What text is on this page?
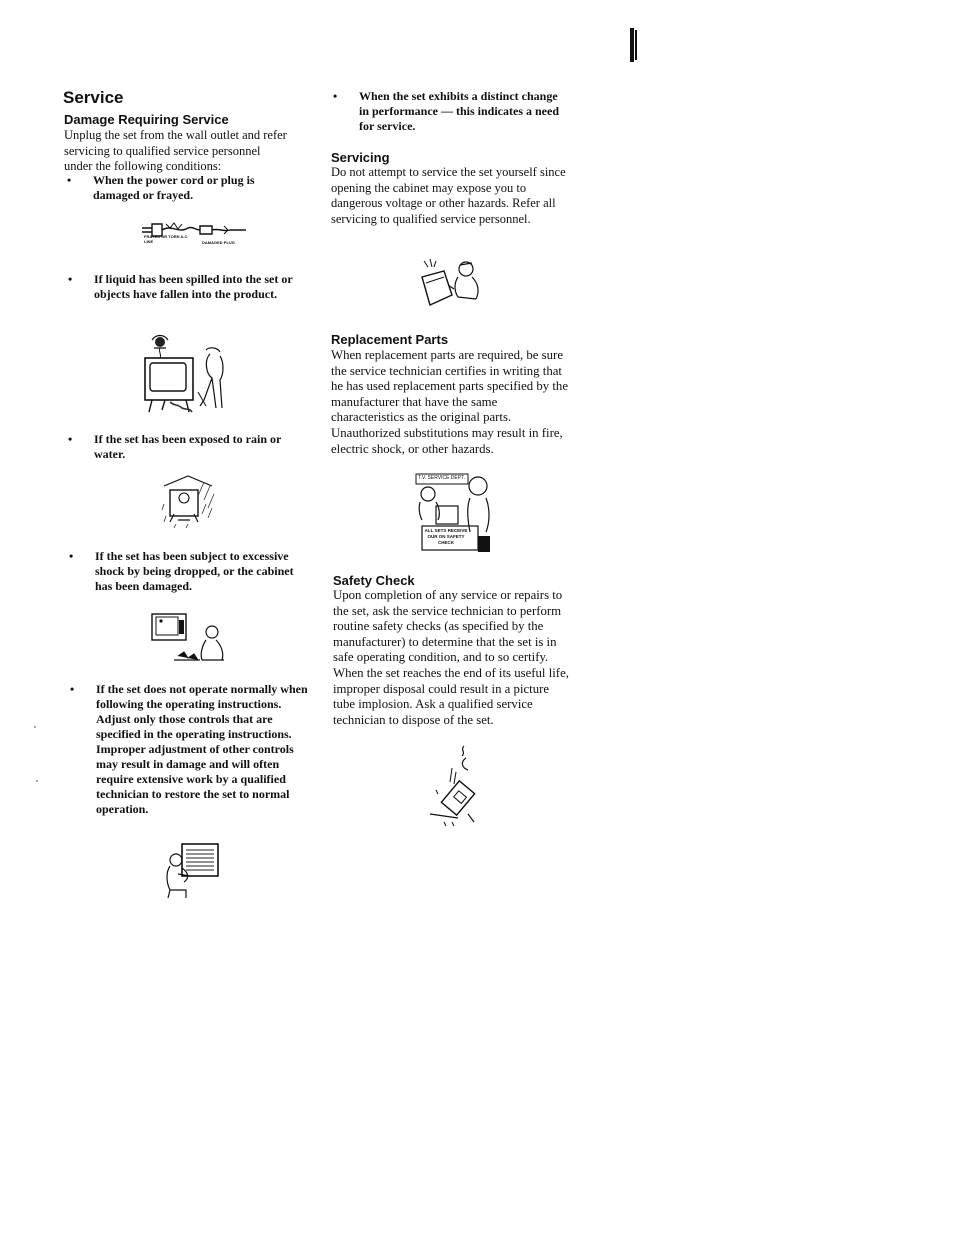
Service
Damage Requiring Service

Unplug the set from the wall outlet and refer servicing to qualified service personnel under the following conditions:

• When the power cord or plug is damaged or frayed.

FRAYED OR TORN A.C. LINE	DAMAGED PLUG

• If liquid has been spilled into the set or objects have fallen into the product.

• If the set has been exposed to rain or water.

• If the set has been subject to excessive shock by being dropped, or the cabinet has been damaged.

• If the set does not operate normally when following the operating instructions. Adjust only those controls that are specified in the operating instructions. Improper adjustment of other controls may result in damage and will often require extensive work by a qualified technician to restore the set to normal operation.

• When the set exhibits a distinct change in performance — this indicates a need for service.

Servicing

Do not attempt to service the set yourself since opening the cabinet may expose you to dangerous voltage or other hazards. Refer all servicing to qualified service personnel.

Replacement Parts

When replacement parts are required, be sure the service technician certifies in writing that he has used replacement parts specified by the manufacturer that have the same characteristics as the original parts. Unauthorized substitutions may result in fire, electric shock, or other hazards.

T.V. SERVICE DEPT.
ALL SETS RECEIVE OUR ON SAFETY CHECK
Safety Check

Upon completion of any service or repairs to the set, ask the service technician to perform routine safety checks (as specified by the manufacturer) to determine that the set is in safe operating condition, and to so certify. When the set reaches the end of its useful life, improper disposal could result in a picture tube implosion. Ask a qualified service technician to dispose of the set.
